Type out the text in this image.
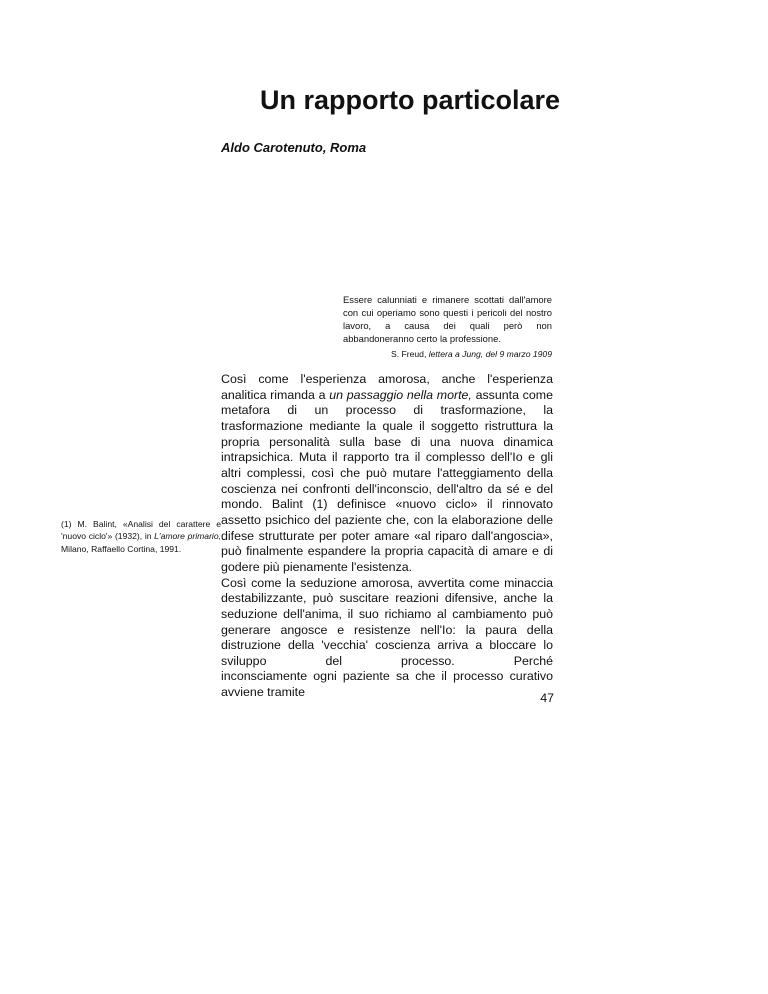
Un rapporto particolare
Aldo Carotenuto, Roma

Essere calunniati e rimanere scottati dall'amore con cui operiamo sono questi i pericoli del nostro lavoro, a causa dei quali però non abbandoneranno certo la professione.

S. Freud, lettera a Jung, del 9 marzo 1909

Così come l'esperienza amorosa, anche l'esperienza analitica rimanda a un passaggio nella morte, assunta come metafora di un processo di trasformazione, la trasformazione mediante la quale il soggetto ristruttura la propria personalità sulla base di una nuova dinamica intrapsichica. Muta il rapporto tra il complesso dell'Io e gli altri complessi, così che può mutare l'atteggiamento della coscienza nei confronti dell'inconscio, dell'altro da sé e del mondo. Balint (1) definisce «nuovo ciclo» il rinnovato assetto psichico del paziente che, con la elaborazione delle difese strutturate per poter amare «al riparo dall'angoscia», può finalmente espandere la propria capacità di amare e di godere più pienamente l'esistenza.

Così come la seduzione amorosa, avvertita come minaccia destabilizzante, può suscitare reazioni difensive, anche la seduzione dell'anima, il suo richiamo al cambiamento può generare angosce e resistenze nell'Io: la paura della distruzione della 'vecchia' coscienza arriva a bloccare lo sviluppo del processo. Perché

inconsciamente ogni paziente sa che il processo curativo avviene tramite

(1) M. Balint, «Analisi del carattere e 'nuovo ciclo'» (1932), in L'amore primario, Milano, Raffaello Cortina, 1991.
47
